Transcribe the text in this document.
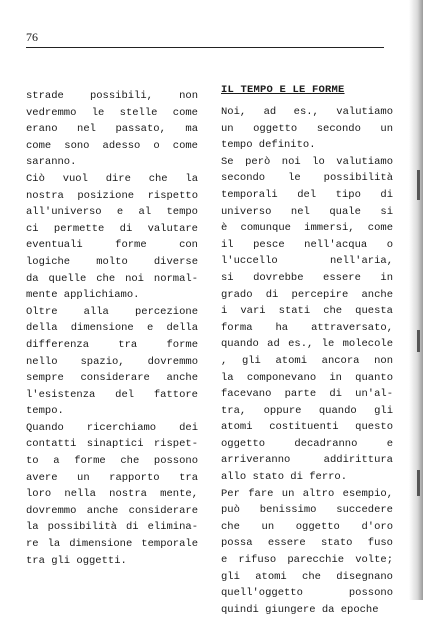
76
strade possibili, non
vedremmo le stelle come
erano nel passato, ma
come sono adesso o come
saranno.
Ciò vuol dire che la
nostra posizione rispetto
all'universo e al tempo
ci permette di valutare
eventuali forme con
logiche molto diverse
da quelle che noi normal-
mente applichiamo.
Oltre alla percezione
della dimensione e della
differenza tra forme
nello spazio, dovremmo
sempre considerare anche
l'esistenza del fattore
tempo.
Quando ricerchiamo dei
contatti sinaptici rispet-
to a forme che possono
avere un rapporto tra
loro nella nostra mente,
dovremmo anche considerare
la possibilità di elimina-
re la dimensione temporale
tra gli oggetti.
IL TEMPO E LE FORME
Noi, ad es., valutiamo
un oggetto secondo un
tempo definito.
Se però noi lo valutiamo
secondo le possibilità
temporali del tipo di
universo nel quale si
è comunque immersi, come
il pesce nell'acqua o
l'uccello nell'aria,
si dovrebbe essere in
grado di percepire anche
i vari stati che questa
forma ha attraversato,
quando ad es., le molecole
, gli atomi ancora non
la componevano in quanto
facevano parte di un'al-
tra, oppure quando gli
atomi costituenti questo
oggetto decadranno e
arriveranno addirittura
allo stato di ferro.
Per fare un altro esempio,
può benissimo succedere
che un oggetto d'oro
possa essere stato fuso
e rifuso parecchie volte;
gli atomi che disegnano
quell'oggetto possono
quindi giungere da epoche
